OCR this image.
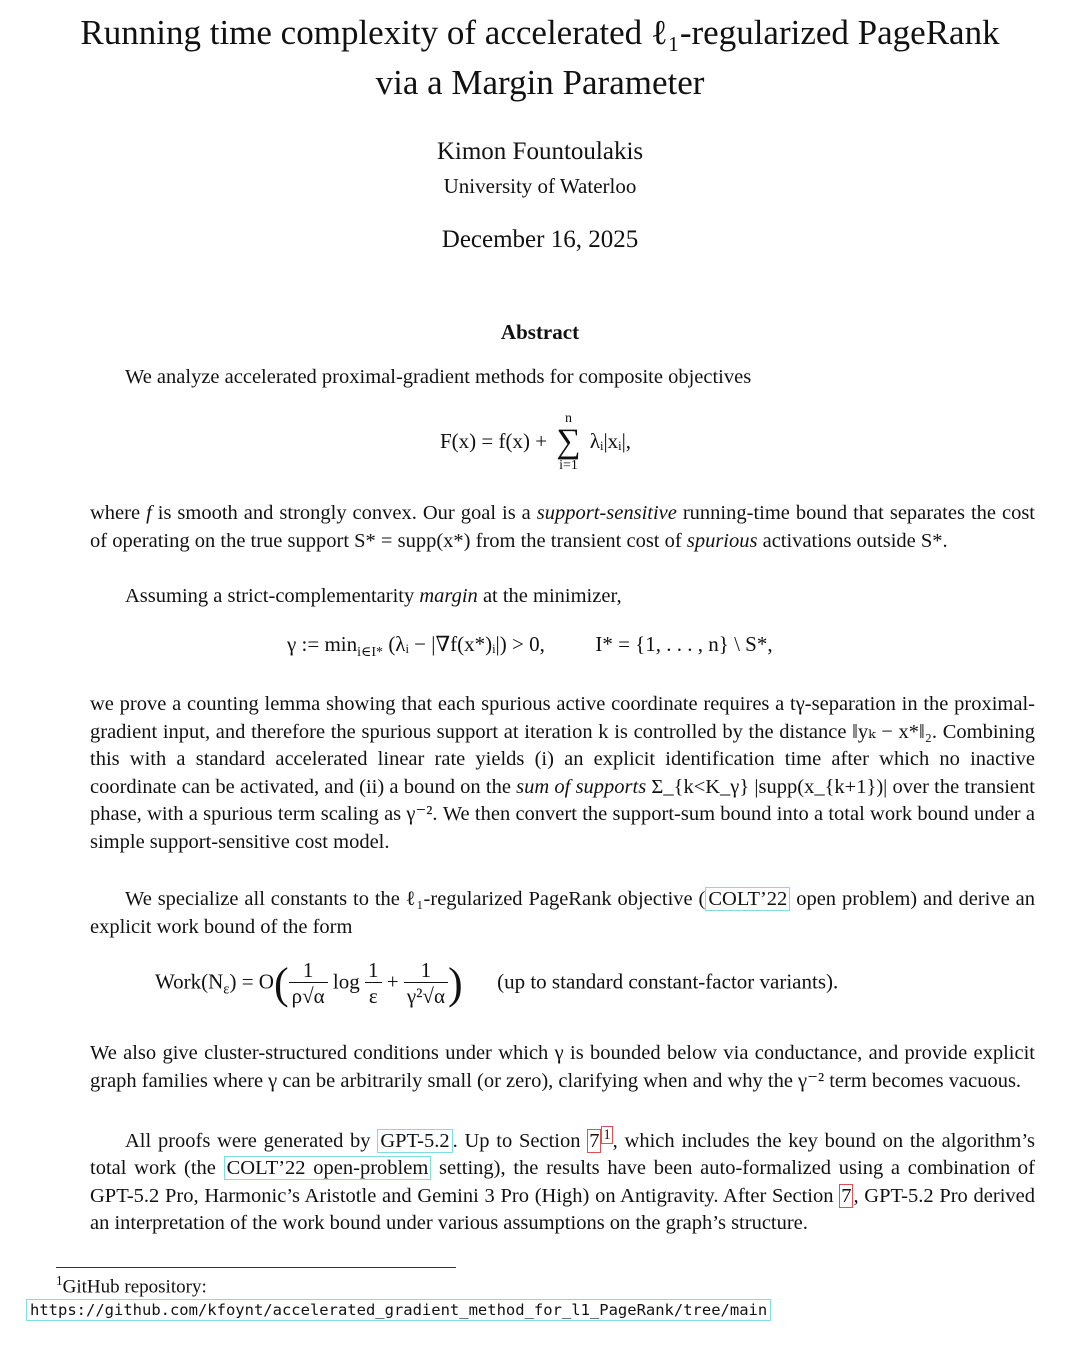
Running time complexity of accelerated ℓ₁-regularized PageRank
via a Margin Parameter
Kimon Fountoulakis
University of Waterloo
December 16, 2025
Abstract
We analyze accelerated proximal-gradient methods for composite objectives
F(x) = f(x) +
n
∑
i=1
λᵢ|xᵢ|,
where f is smooth and strongly convex. Our goal is a support-sensitive running-time bound that separates the cost of operating on the true support S* = supp(x*) from the transient cost of spurious activations outside S*.
Assuming a strict-complementarity margin at the minimizer,
γ := $\min_{i\in I*}$ (λᵢ − |∇f(x*)ᵢ|) > 0, I* = {1, . . . , n} \ S*,
we prove a counting lemma showing that each spurious active coordinate requires a tγ-separation in the proximal-gradient input, and therefore the spurious support at iteration k is controlled by the distance ‖yₖ − x*‖₂. Combining this with a standard accelerated linear rate yields (i) an explicit identification time after which no inactive coordinate can be activated, and (ii) a bound on the sum of supports Σ_{k<K_γ} |supp(x_{k+1})| over the transient phase, with a spurious term scaling as γ⁻². We then convert the support-sum bound into a total work bound under a simple support-sensitive cost model.
We specialize all constants to the ℓ₁-regularized PageRank objective ( COLT’22 open problem) and derive an explicit work bound of the form
$Work(N_\varepsilon) = O( \frac{1}{\rho√\alpha}$ $\log \frac{1}{\varepsilon} + \frac{1}{\text{γ²√α}}$ ) (up to standard constant-factor variants).
We also give cluster-structured conditions under which γ is bounded below via conductance, and provide explicit graph families where γ can be arbitrarily small (or zero), clarifying when and why the γ⁻² term becomes vacuous.
All proofs were generated by GPT-5.2 . Up to Section 7 $^1$, which includes the key bound on the algorithm’s total work (the COLT’22 open-problem setting), the results have been auto-formalized using a combination of GPT-5.2 Pro, Harmonic’s Aristotle and Gemini 3 Pro (High) on Antigravity. After Section 7, GPT-5.2 Pro derived an interpretation of the work bound under various assumptions on the graph’s structure.
$^1$GitHub repository:
https://github.com/kfoynt/accelerated_gradient_method_for_l1_PageRank/tree/main
